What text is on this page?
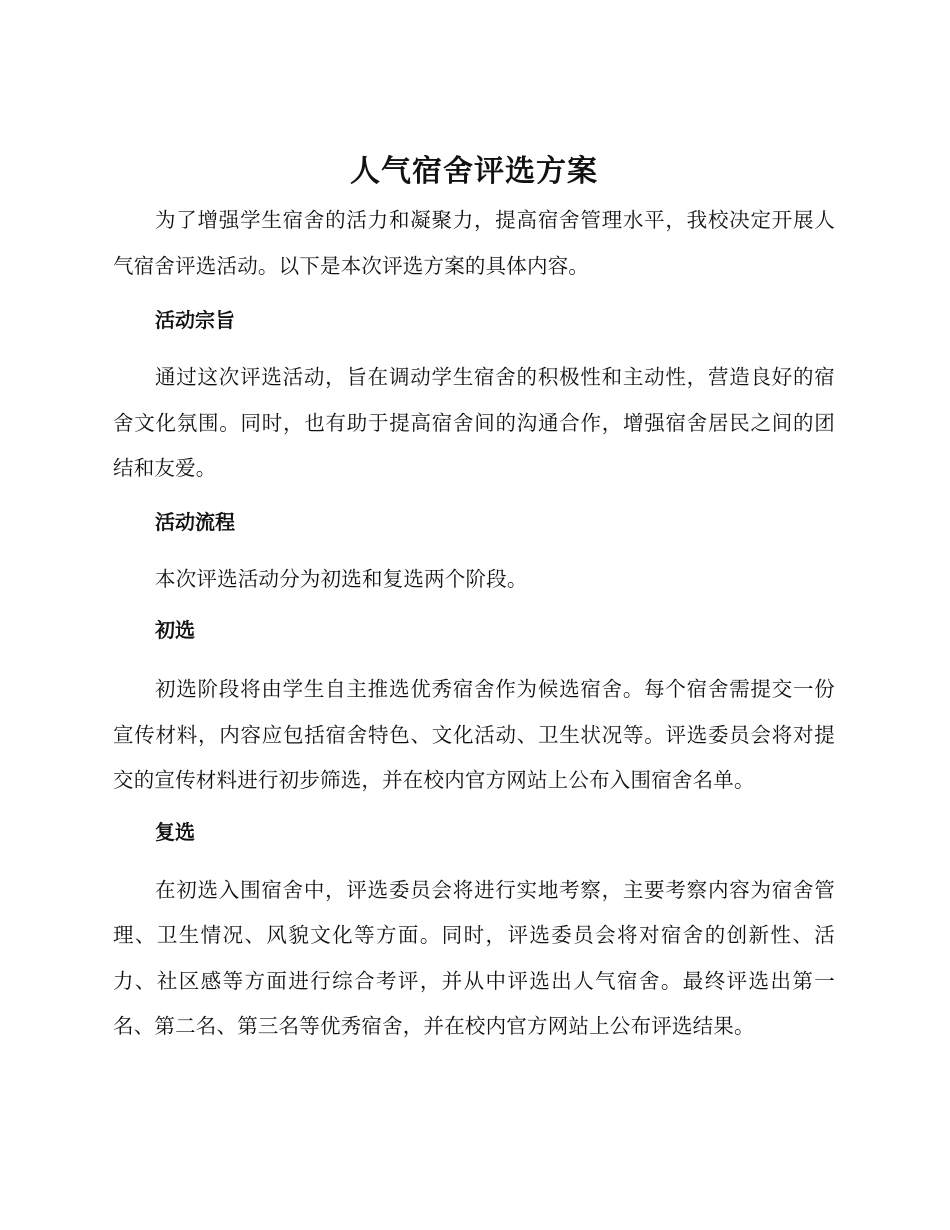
人气宿舍评选方案

为了增强学生宿舍的活力和凝聚力，提高宿舍管理水平，我校决定开展人气宿舍评选活动。以下是本次评选方案的具体内容。

活动宗旨

通过这次评选活动，旨在调动学生宿舍的积极性和主动性，营造良好的宿舍文化氛围。同时，也有助于提高宿舍间的沟通合作，增强宿舍居民之间的团结和友爱。

活动流程

本次评选活动分为初选和复选两个阶段。

初选

初选阶段将由学生自主推选优秀宿舍作为候选宿舍。每个宿舍需提交一份宣传材料，内容应包括宿舍特色、文化活动、卫生状况等。评选委员会将对提交的宣传材料进行初步筛选，并在校内官方网站上公布入围宿舍名单。

复选

在初选入围宿舍中，评选委员会将进行实地考察，主要考察内容为宿舍管理、卫生情况、风貌文化等方面。同时，评选委员会将对宿舍的创新性、活力、社区感等方面进行综合考评，并从中评选出人气宿舍。最终评选出第一名、第二名、第三名等优秀宿舍，并在校内官方网站上公布评选结果。
